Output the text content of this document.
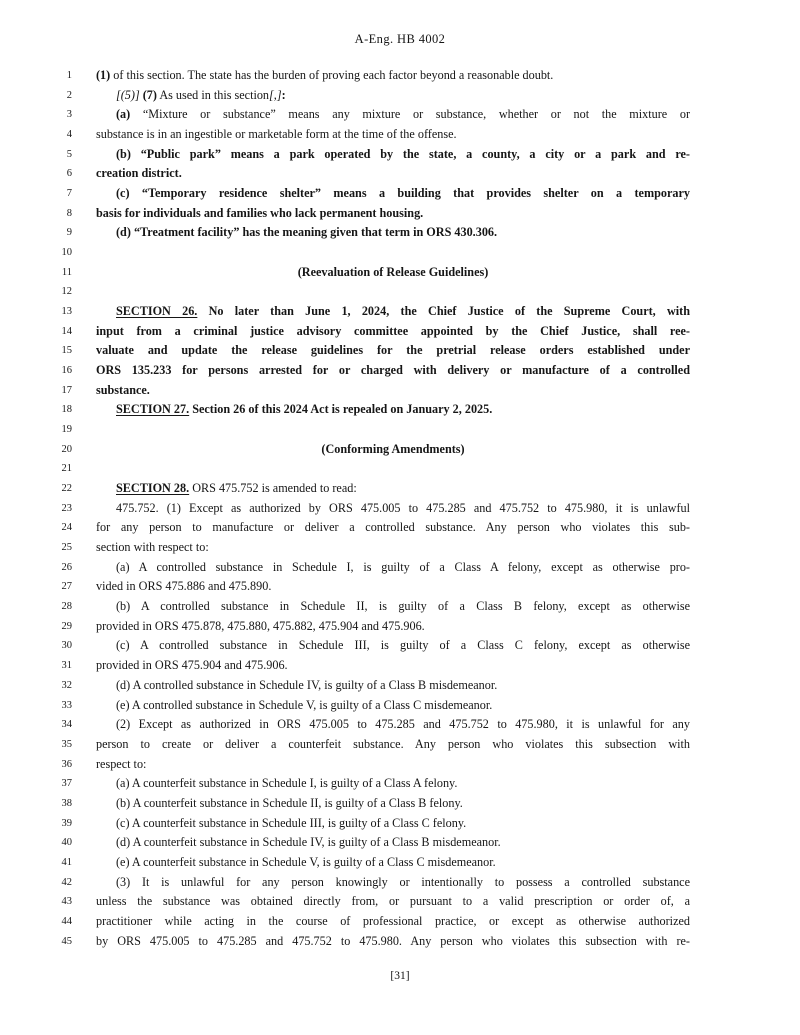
A-Eng. HB 4002
1	(1) of this section. The state has the burden of proving each factor beyond a reasonable doubt.
2	[(5)] (7) As used in this section[,]:
3	(a) “Mixture or substance” means any mixture or substance, whether or not the mixture or
4	substance is in an ingestible or marketable form at the time of the offense.
5	(b) “Public park” means a park operated by the state, a county, a city or a park and re-
6	creation district.
7	(c) “Temporary residence shelter” means a building that provides shelter on a temporary
8	basis for individuals and families who lack permanent housing.
9	(d) “Treatment facility” has the meaning given that term in ORS 430.306.
10
11	(Reevaluation of Release Guidelines)
12
13	SECTION 26. No later than June 1, 2024, the Chief Justice of the Supreme Court, with
14	input from a criminal justice advisory committee appointed by the Chief Justice, shall ree-
15	valuate and update the release guidelines for the pretrial release orders established under
16	ORS 135.233 for persons arrested for or charged with delivery or manufacture of a controlled
17	substance.
18	SECTION 27. Section 26 of this 2024 Act is repealed on January 2, 2025.
19
20	(Conforming Amendments)
21
22	SECTION 28. ORS 475.752 is amended to read:
23	475.752. (1) Except as authorized by ORS 475.005 to 475.285 and 475.752 to 475.980, it is unlawful
24	for any person to manufacture or deliver a controlled substance. Any person who violates this sub-
25	section with respect to:
26	(a) A controlled substance in Schedule I, is guilty of a Class A felony, except as otherwise pro-
27	vided in ORS 475.886 and 475.890.
28	(b) A controlled substance in Schedule II, is guilty of a Class B felony, except as otherwise
29	provided in ORS 475.878, 475.880, 475.882, 475.904 and 475.906.
30	(c) A controlled substance in Schedule III, is guilty of a Class C felony, except as otherwise
31	provided in ORS 475.904 and 475.906.
32	(d) A controlled substance in Schedule IV, is guilty of a Class B misdemeanor.
33	(e) A controlled substance in Schedule V, is guilty of a Class C misdemeanor.
34	(2) Except as authorized in ORS 475.005 to 475.285 and 475.752 to 475.980, it is unlawful for any
35	person to create or deliver a counterfeit substance. Any person who violates this subsection with
36	respect to:
37	(a) A counterfeit substance in Schedule I, is guilty of a Class A felony.
38	(b) A counterfeit substance in Schedule II, is guilty of a Class B felony.
39	(c) A counterfeit substance in Schedule III, is guilty of a Class C felony.
40	(d) A counterfeit substance in Schedule IV, is guilty of a Class B misdemeanor.
41	(e) A counterfeit substance in Schedule V, is guilty of a Class C misdemeanor.
42	(3) It is unlawful for any person knowingly or intentionally to possess a controlled substance
43	unless the substance was obtained directly from, or pursuant to a valid prescription or order of, a
44	practitioner while acting in the course of professional practice, or except as otherwise authorized
45	by ORS 475.005 to 475.285 and 475.752 to 475.980. Any person who violates this subsection with re-
[31]
